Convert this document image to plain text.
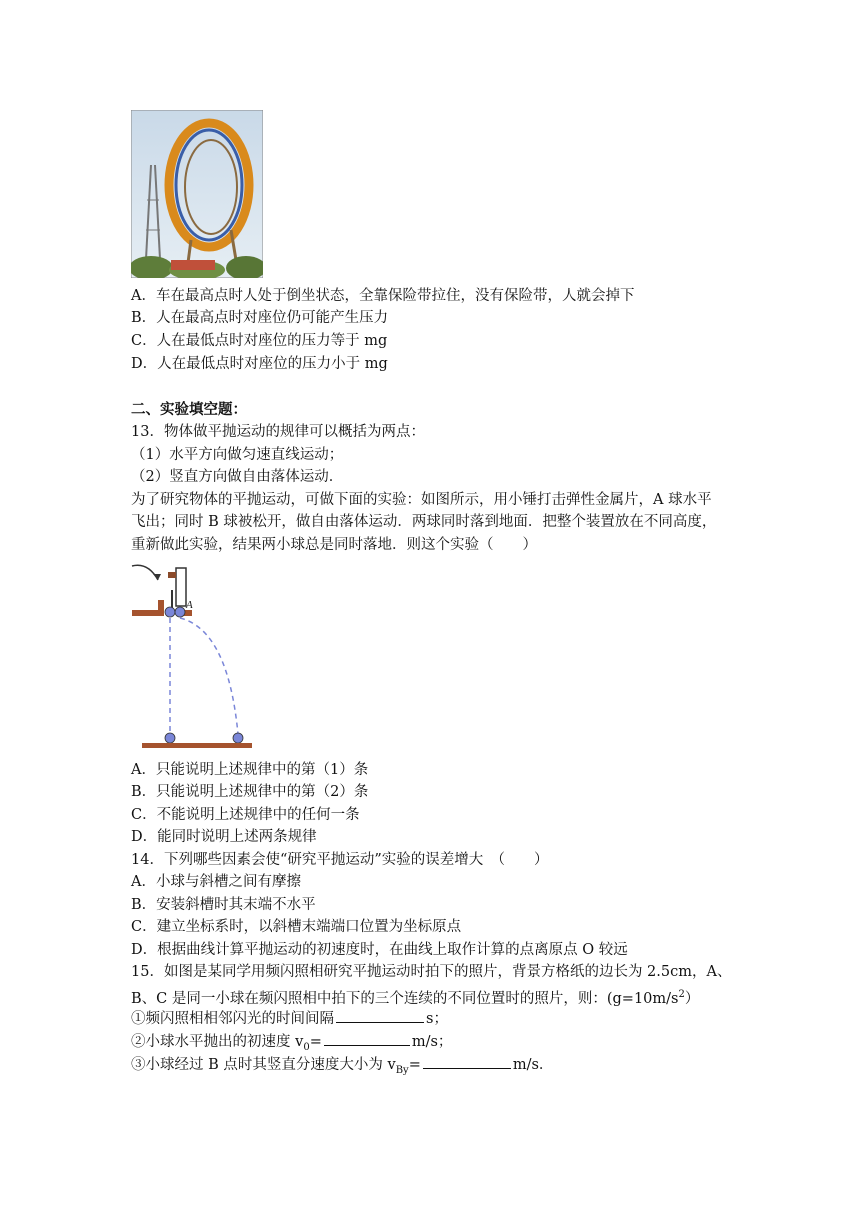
A．车在最高点时人处于倒坐状态，全靠保险带拉住，没有保险带，人就会掉下
B．人在最高点时对座位仍可能产生压力
C．人在最低点时对座位的压力等于 mg
D．人在最低点时对座位的压力小于 mg
二、实验填空题：
13．物体做平抛运动的规律可以概括为两点：
（1）水平方向做匀速直线运动；
（2）竖直方向做自由落体运动．
为了研究物体的平抛运动，可做下面的实验：如图所示，用小锤打击弹性金属片，A 球水平
飞出；同时 B 球被松开，做自由落体运动．两球同时落到地面．把整个装置放在不同高度，
重新做此实验，结果两小球总是同时落地．则这个实验（　　）
A
A．只能说明上述规律中的第（1）条
B．只能说明上述规律中的第（2）条
C．不能说明上述规律中的任何一条
D．能同时说明上述两条规律
14．下列哪些因素会使“研究平抛运动”实验的误差增大　（　　）
A．小球与斜槽之间有摩擦
B．安装斜槽时其末端不水平
C．建立坐标系时，以斜槽末端端口位置为坐标原点
D．根据曲线计算平抛运动的初速度时，在曲线上取作计算的点离原点 O 较远
15．如图是某同学用频闪照相研究平抛运动时拍下的照片，背景方格纸的边长为 2.5cm，A、
B、C 是同一小球在频闪照相中拍下的三个连续的不同位置时的照片，则：$(g=10m/s^2)$
①频闪照相相邻闪光的时间间隔	s；
②小球水平抛出的初速度 $v_0=$	m/s；
③小球经过 B 点时其竖直分速度大小为 $v_{By}=$	m/s．
